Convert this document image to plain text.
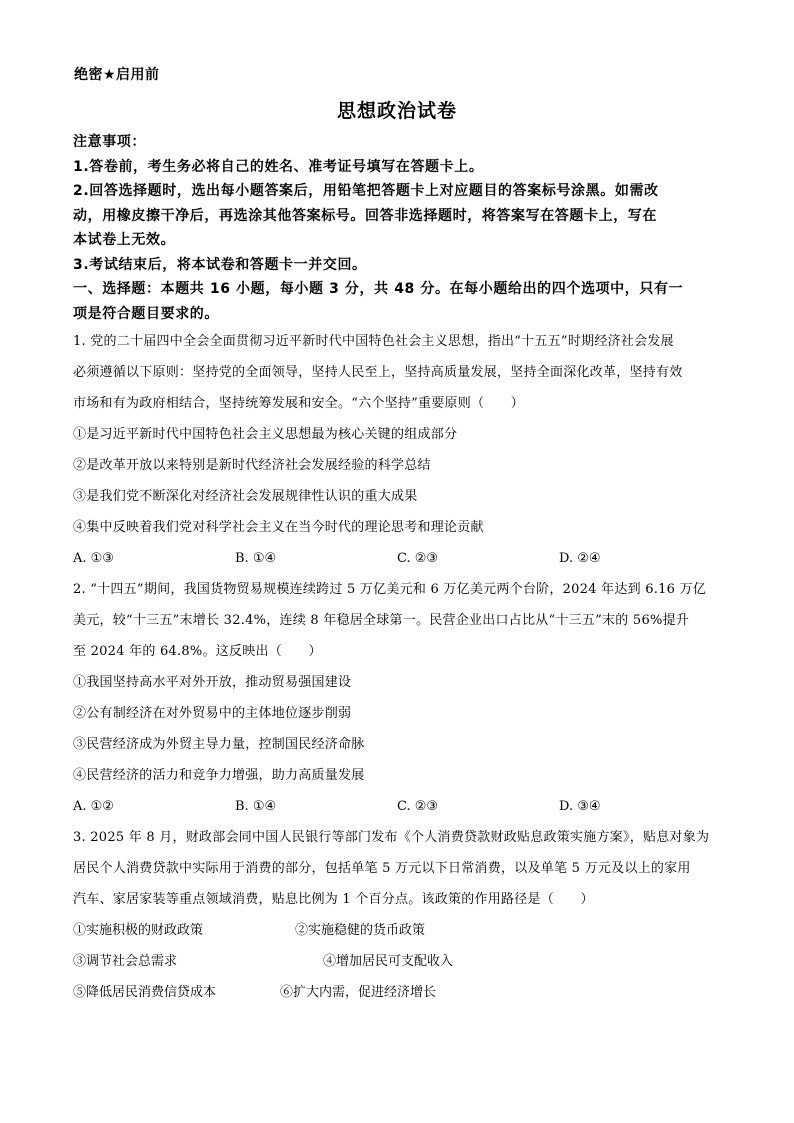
绝密★启用前
思想政治试卷
注意事项：
1.答卷前，考生务必将自己的姓名、准考证号填写在答题卡上。
2.回答选择题时，选出每小题答案后，用铅笔把答题卡上对应题目的答案标号涂黑。如需改
动，用橡皮擦干净后，再选涂其他答案标号。回答非选择题时，将答案写在答题卡上，写在
本试卷上无效。
3.考试结束后，将本试卷和答题卡一并交回。
一、选择题：本题共 16 小题，每小题 3 分，共 48 分。在每小题给出的四个选项中，只有一
项是符合题目要求的。
1. 党的二十届四中全会全面贯彻习近平新时代中国特色社会主义思想，指出“十五五”时期经济社会发展
必须遵循以下原则：坚持党的全面领导，坚持人民至上，坚持高质量发展，坚持全面深化改革，坚持有效
市场和有为政府相结合，坚持统筹发展和安全。“六个坚持”重要原则（　　）
①是习近平新时代中国特色社会主义思想最为核心关键的组成部分
②是改革开放以来特别是新时代经济社会发展经验的科学总结
③是我们党不断深化对经济社会发展规律性认识的重大成果
④集中反映着我们党对科学社会主义在当今时代的理论思考和理论贡献
A. ①③	B. ①④	C. ②③	D. ②④
2. “十四五”期间，我国货物贸易规模连续跨过 5 万亿美元和 6 万亿美元两个台阶，2024 年达到 6.16 万亿
美元，较“十三五”末增长 32.4%，连续 8 年稳居全球第一。民营企业出口占比从“十三五”末的 56%提升
至 2024 年的 64.8%。这反映出（　　）
①我国坚持高水平对外开放，推动贸易强国建设
②公有制经济在对外贸易中的主体地位逐步削弱
③民营经济成为外贸主导力量，控制国民经济命脉
④民营经济的活力和竞争力增强，助力高质量发展
A. ①②	B. ①④	C. ②③	D. ③④
3. 2025 年 8 月，财政部会同中国人民银行等部门发布《个人消费贷款财政贴息政策实施方案》，贴息对象为
居民个人消费贷款中实际用于消费的部分，包括单笔 5 万元以下日常消费，以及单笔 5 万元及以上的家用
汽车、家居家装等重点领域消费，贴息比例为 1 个百分点。该政策的作用路径是（　　）
①实施积极的财政政策	②实施稳健的货币政策
③调节社会总需求	④增加居民可支配收入
⑤降低居民消费信贷成本	⑥扩大内需，促进经济增长
